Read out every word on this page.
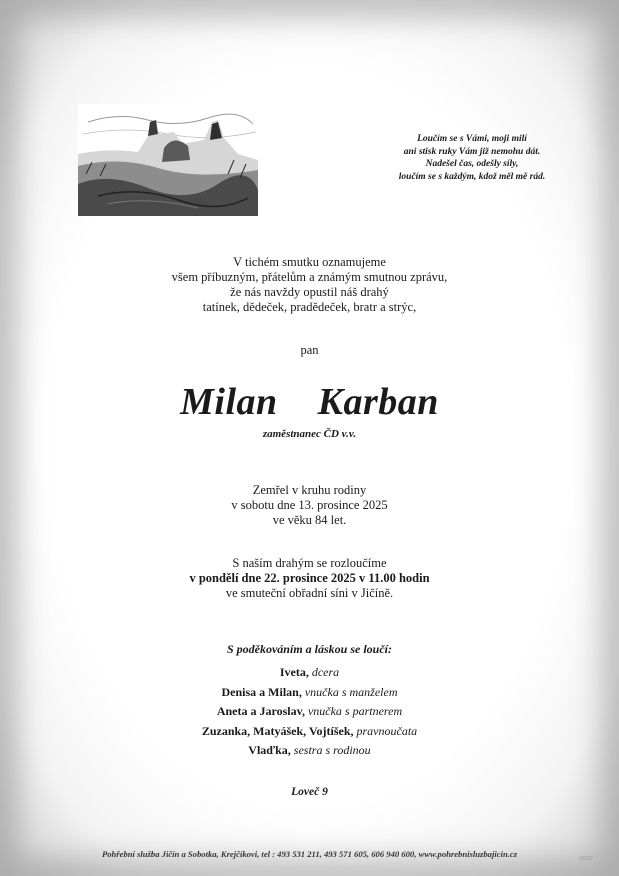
Loučím se s Vámi, moji milí
ani stisk ruky Vám již nemohu dát.
Nadešel čas, odešly síly,
loučím se s každým, kdož měl mě rád.
V tichém smutku oznamujeme
všem příbuzným, přátelům a známým smutnou zprávu,
že nás navždy opustil náš drahý
tatínek, dědeček, pradědeček, bratr a strýc,
pan
Milan  Karban
zaměstnanec ČD v.v.
Zemřel v kruhu rodiny
v sobotu dne 13. prosince 2025
ve věku 84 let.
S naším drahým se rozloučíme
v pondělí dne 22. prosince 2025 v 11.00 hodin
ve smuteční obřadní síni v Jičíně.
S poděkováním a láskou se loučí:
Iveta, dcera
Denisa a Milan, vnučka s manželem
Aneta a Jaroslav, vnučka s partnerem
Zuzanka, Matyášek, Vojtíšek, pravnoučata
Vlaďka, sestra s rodinou
Loveč 9
Pohřební služba Jičín a Sobotka, Krejčíkovi, tel : 493 531 211, 493 571 605, 606 940 600, www.pohrebnisluzbajicin.cz	6/6/27
